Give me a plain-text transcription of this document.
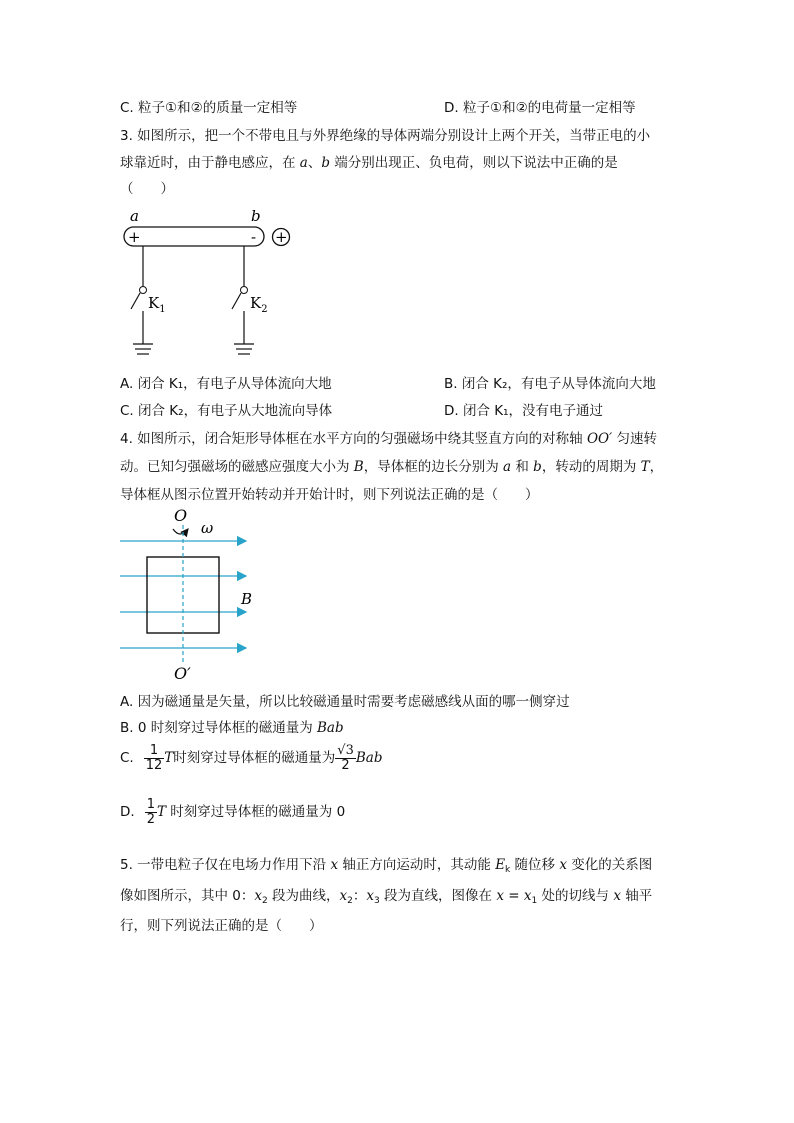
C. 粒子①和②的质量一定相等	D. 粒子①和②的电荷量一定相等
3. 如图所示，把一个不带电且与外界绝缘的导体两端分别设计上两个开关，当带正电的小
球靠近时，由于静电感应，在 a、b 端分别出现正、负电荷，则以下说法中正确的是
（　　）
a	b
+	- +
$K_1$	$K_2$
A. 闭合 K₁，有电子从导体流向大地	B. 闭合 K₂，有电子从导体流向大地
C. 闭合 K₂，有电子从大地流向导体	D. 闭合 K₁，没有电子通过
4. 如图所示，闭合矩形导体框在水平方向的匀强磁场中绕其竖直方向的对称轴 OO′ 匀速转
动。已知匀强磁场的磁感应强度大小为 B，导体框的边长分别为 a 和 b，转动的周期为 T，
导体框从图示位置开始转动并开始计时，则下列说法正确的是（　　）
O
ω
B
O′
A. 因为磁通量是矢量，所以比较磁通量时需要考虑磁感线从面的哪一侧穿过
B. 0 时刻穿过导体框的磁通量为 Bab
C. $\frac{1}{12}$ T时刻穿过导体框的磁通量为 $\frac{√3}{2}$ Bab
D. $\frac{1}{2}$ T 时刻穿过导体框的磁通量为 0
5. 一带电粒子仅在电场力作用下沿 x 轴正方向运动时，其动能 $E_k$ 随位移 x 变化的关系图
像如图所示，其中 0：$x_2$ 段为曲线，$x_2$：$x_3$ 段为直线，图像在 $x = x_1$ 处的切线与 x 轴平
行，则下列说法正确的是（　　）
